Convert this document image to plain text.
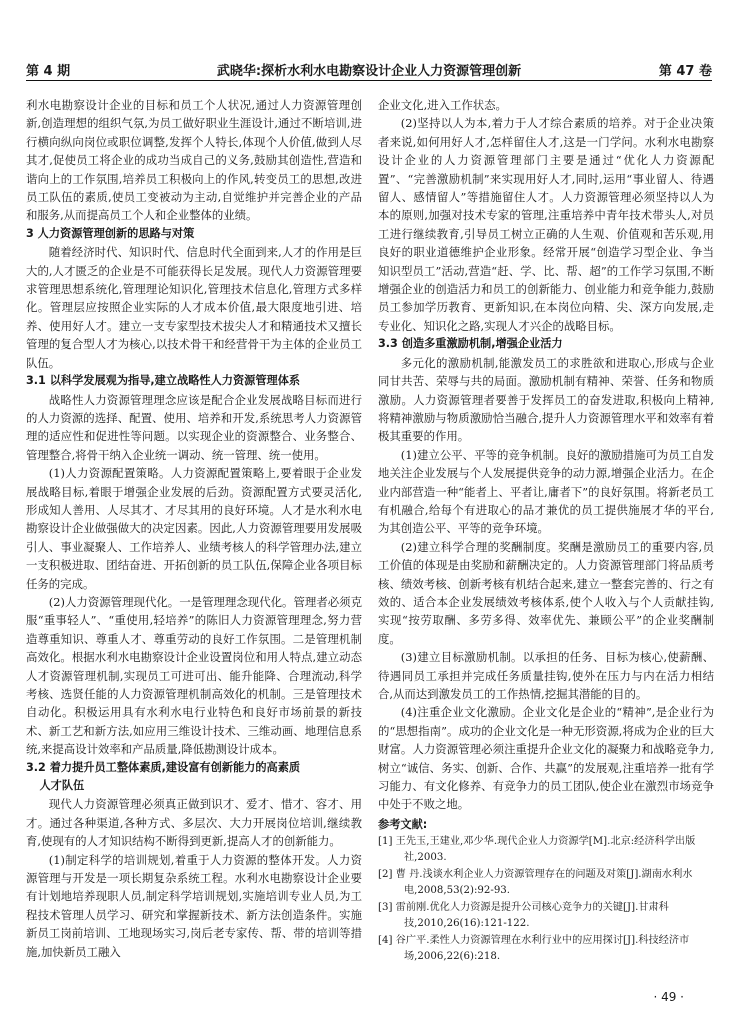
第 4 期	武晓华:探析水利水电勘察设计企业人力资源管理创新	第 47 卷

利水电勘察设计企业的目标和员工个人状况,通过人力资源管理创新,创造理想的组织气氛,为员工做好职业生涯设计,通过不断培训,进行横向纵向岗位或职位调整,发挥个人特长,体现个人价值,做到人尽其才,促使员工将企业的成功当成自己的义务,鼓励其创造性,营造和谐向上的工作氛围,培养员工积极向上的作风,转变员工的思想,改进员工队伍的素质,使员工变被动为主动,自觉维护并完善企业的产品和服务,从而提高员工个人和企业整体的业绩。

3 人力资源管理创新的思路与对策

随着经济时代、知识时代、信息时代全面到来,人才的作用是巨大的,人才匮乏的企业是不可能获得长足发展。现代人力资源管理要求管理思想系统化,管理理论知识化,管理技术信息化,管理方式多样化。管理层应按照企业实际的人才成本价值,最大限度地引进、培养、使用好人才。建立一支专家型技术拔尖人才和精通技术又擅长管理的复合型人才为核心,以技术骨干和经营骨干为主体的企业员工队伍。

3.1 以科学发展观为指导,建立战略性人力资源管理体系

战略性人力资源管理理念应该是配合企业发展战略目标而进行的人力资源的选择、配置、使用、培养和开发,系统思考人力资源管理的适应性和促进性等问题。以实现企业的资源整合、业务整合、管理整合,将骨干纳入企业统一调动、统一管理、统一使用。

(1)人力资源配置策略。人力资源配置策略上,要着眼于企业发展战略目标,着眼于增强企业发展的后劲。资源配置方式要灵活化,形成知人善用、人尽其才、才尽其用的良好环境。人才是水利水电勘察设计企业做强做大的决定因素。因此,人力资源管理要用发展吸引人、事业凝聚人、工作培养人、业绩考核人的科学管理办法,建立一支积极进取、团结奋进、开拓创新的员工队伍,保障企业各项目标任务的完成。

(2)人力资源管理现代化。一是管理理念现代化。管理者必须克服“重事轻人”、“重使用,轻培养”的陈旧人力资源管理理念,努力营造尊重知识、尊重人才、尊重劳动的良好工作氛围。二是管理机制高效化。根据水利水电勘察设计企业设置岗位和用人特点,建立动态人才资源管理机制,实现员工可进可出、能升能降、合理流动,科学考核、选贤任能的人力资源管理机制高效化的机制。三是管理技术自动化。积极运用具有水利水电行业特色和良好市场前景的新技术、新工艺和新方法,如应用三维设计技术、三维动画、地理信息系统,来提高设计效率和产品质量,降低勘测设计成本。

3.2 着力提升员工整体素质,建设富有创新能力的高素质
人才队伍

现代人力资源管理必须真正做到识才、爱才、惜才、容才、用才。通过各种渠道,各种方式、多层次、大力开展岗位培训,继续教育,使现有的人才知识结构不断得到更新,提高人才的创新能力。

(1)制定科学的培训规划,着重于人力资源的整体开发。人力资源管理与开发是一项长期复杂系统工程。水利水电勘察设计企业要有计划地培养现职人员,制定科学培训规划,实施培训专业人员,为工程技术管理人员学习、研究和掌握新技术、新方法创造条件。实施新员工岗前培训、工地现场实习,岗后老专家传、帮、带的培训等措施,加快新员工融入

企业文化,进入工作状态。

(2)坚持以人为本,着力于人才综合素质的培养。对于企业决策者来说,如何用好人才,怎样留住人才,这是一门学问。水利水电勘察设计企业的人力资源管理部门主要是通过“优化人力资源配置”、“完善激励机制”来实现用好人才,同时,运用“事业留人、待遇留人、感情留人”等措施留住人才。人力资源管理必须坚持以人为本的原则,加强对技术专家的管理,注重培养中青年技术带头人,对员工进行继续教育,引导员工树立正确的人生观、价值观和苦乐观,用良好的职业道德维护企业形象。经常开展“创造学习型企业、争当知识型员工”活动,营造“赶、学、比、帮、超”的工作学习氛围,不断增强企业的创造活力和员工的创新能力、创业能力和竞争能力,鼓励员工参加学历教育、更新知识,在本岗位向精、尖、深方向发展,走专业化、知识化之路,实现人才兴企的战略目标。

3.3 创造多重激励机制,增强企业活力

多元化的激励机制,能激发员工的求胜欲和进取心,形成与企业同甘共苦、荣辱与共的局面。激励机制有精神、荣誉、任务和物质激励。人力资源管理者要善于发挥员工的奋发进取,积极向上精神,将精神激励与物质激励恰当融合,提升人力资源管理水平和效率有着极其重要的作用。

(1)建立公平、平等的竞争机制。良好的激励措施可为员工自发地关注企业发展与个人发展提供竞争的动力源,增强企业活力。在企业内部营造一种“能者上、平者让,庸者下”的良好氛围。将新老员工有机融合,给每个有进取心的品才兼优的员工提供施展才华的平台,为其创造公平、平等的竞争环境。

(2)建立科学合理的奖酬制度。奖酬是激励员工的重要内容,员工价值的体现是由奖励和薪酬决定的。人力资源管理部门将品质考核、绩效考核、创新考核有机结合起来,建立一整套完善的、行之有效的、适合本企业发展绩效考核体系,使个人收入与个人贡献挂钩,实现“按劳取酬、多劳多得、效率优先、兼顾公平”的企业奖酬制度。

(3)建立目标激励机制。以承担的任务、目标为核心,使薪酬、待遇同员工承担并完成任务质量挂钩,使外在压力与内在活力相结合,从而达到激发员工的工作热情,挖掘其潜能的目的。

(4)注重企业文化激励。企业文化是企业的“精神”,是企业行为的“思想指南”。成功的企业文化是一种无形资源,将成为企业的巨大财富。人力资源管理必须注重提升企业文化的凝聚力和战略竞争力,树立“诚信、务实、创新、合作、共赢”的发展观,注重培养一批有学习能力、有文化修养、有竞争力的员工团队,使企业在激烈市场竞争中处于不败之地。

参考文献:

[1] 王先玉,王建业,邓少华.现代企业人力资源学[M].北京:经济科学出版社,2003.

[2] 曹 丹.浅谈水利企业人力资源管理存在的问题及对策[J].湖南水利水电,2008,53(2):92-93.

[3] 雷前刚.优化人力资源是提升公司核心竞争力的关键[J].甘肃科技,2010,26(16):121-122.

[4] 谷广平.柔性人力资源管理在水利行业中的应用探讨[J].科技经济市场,2006,22(6):218.

· 49 ·
